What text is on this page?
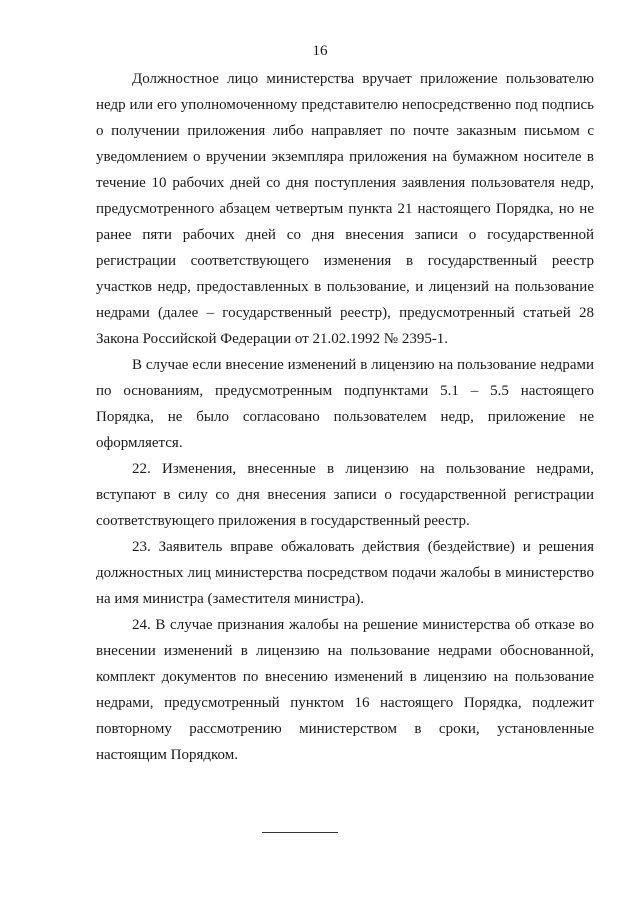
16

Должностное лицо министерства вручает приложение пользователю недр или его уполномоченному представителю непосредственно под подпись о получении приложения либо направляет по почте заказным письмом с уведомлением о вручении экземпляра приложения на бумажном носителе в течение 10 рабочих дней со дня поступления заявления пользователя недр, предусмотренного абзацем четвертым пункта 21 настоящего Порядка, но не ранее пяти рабочих дней со дня внесения записи о государственной регистрации соответствующего изменения в государственный реестр участков недр, предоставленных в пользование, и лицензий на пользование недрами (далее – государственный реестр), предусмотренный статьей 28 Закона Российской Федерации от 21.02.1992 № 2395-1.

В случае если внесение изменений в лицензию на пользование недрами по основаниям, предусмотренным подпунктами 5.1 – 5.5 настоящего Порядка, не было согласовано пользователем недр, приложение не оформляется.

22. Изменения, внесенные в лицензию на пользование недрами, вступают в силу со дня внесения записи о государственной регистрации соответствующего приложения в государственный реестр.

23. Заявитель вправе обжаловать действия (бездействие) и решения должностных лиц министерства посредством подачи жалобы в министерство на имя министра (заместителя министра).

24. В случае признания жалобы на решение министерства об отказе во внесении изменений в лицензию на пользование недрами обоснованной, комплект документов по внесению изменений в лицензию на пользование недрами, предусмотренный пунктом 16 настоящего Порядка, подлежит повторному рассмотрению министерством в сроки, установленные настоящим Порядком.
